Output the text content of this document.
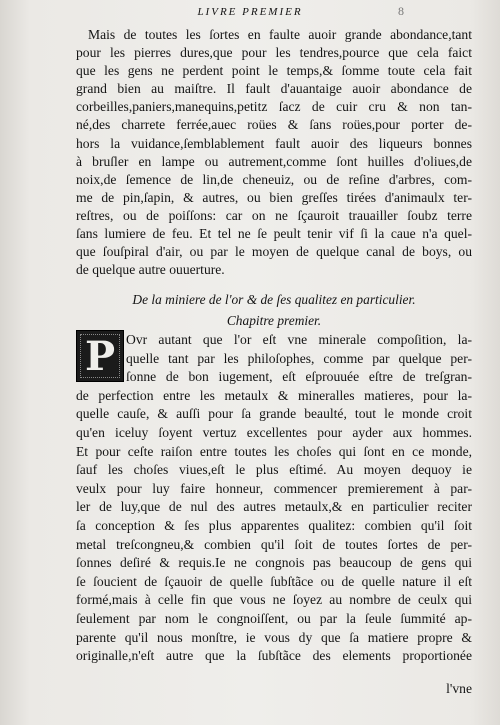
LIVRE PREMIER	8
Mais de toutes les ſortes en faulte auoir grande abondance,tant
pour les pierres dures,que pour les tendres,pource que cela faict
que les gens ne perdent point le temps,& ſomme toute cela fait
grand bien au maiſtre. Il fault d'auantaige auoir abondance de
corbeilles,paniers,manequins,petitz ſacz de cuir cru & non tan-
né,des charrete ferrée,auec roües & ſans roües,pour porter de-
hors la vuidance,ſemblablement fault auoir des liqueurs bonnes
à bruſler en lampe ou autrement,comme ſont huilles d'oliues,de
noix,de ſemence de lin,de cheneuiz, ou de reſine d'arbres, com-
me de pin,ſapin, & autres, ou bien greſſes tirées d'animaulx ter-
reſtres, ou de poiſſons: car on ne ſçauroit trauailler ſoubz terre
ſans lumiere de feu. Et tel ne ſe peult tenir vif ſi la caue n'a quel-
que ſouſpiral d'air, ou par le moyen de quelque canal de boys, ou
de quelque autre ouuerture.
De la miniere de l'or & de ſes qualitez en particulier.
Chapitre premier.
P Ovr autant que l'or eſt vne minerale compoſition, la-
quelle tant par les philoſophes, comme par quelque per-
ſonne de bon iugement, eſt eſprouuée eſtre de treſgran-
de perfection entre les metaulx & mineralles matieres, pour la-
quelle cauſe, & auſſi pour ſa grande beaulté, tout le monde croit
qu'en iceluy ſoyent vertuz excellentes pour ayder aux hommes.
Et pour ceſte raiſon entre toutes les choſes qui ſont en ce monde,
ſauf les choſes viues,eſt le plus eſtimé. Au moyen dequoy ie
veulx pour luy faire honneur, commencer premierement à par-
ler de luy,que de nul des autres metaulx,& en particulier reciter
ſa conception & ſes plus apparentes qualitez: combien qu'il ſoit
metal treſcongneu,& combien qu'il ſoit de toutes ſortes de per-
ſonnes deſiré & requis.Ie ne congnois pas beaucoup de gens qui
ſe ſoucient de ſçauoir de quelle ſubſtãce ou de quelle nature il eſt
formé,mais à celle fin que vous ne ſoyez au nombre de ceulx qui
ſeulement par nom le congnoiſſent, ou par la ſeule ſummité ap-
parente qu'il nous monſtre, ie vous dy que ſa matiere propre &
originalle,n'eſt autre que la ſubſtãce des elements proportionée
l'vne
